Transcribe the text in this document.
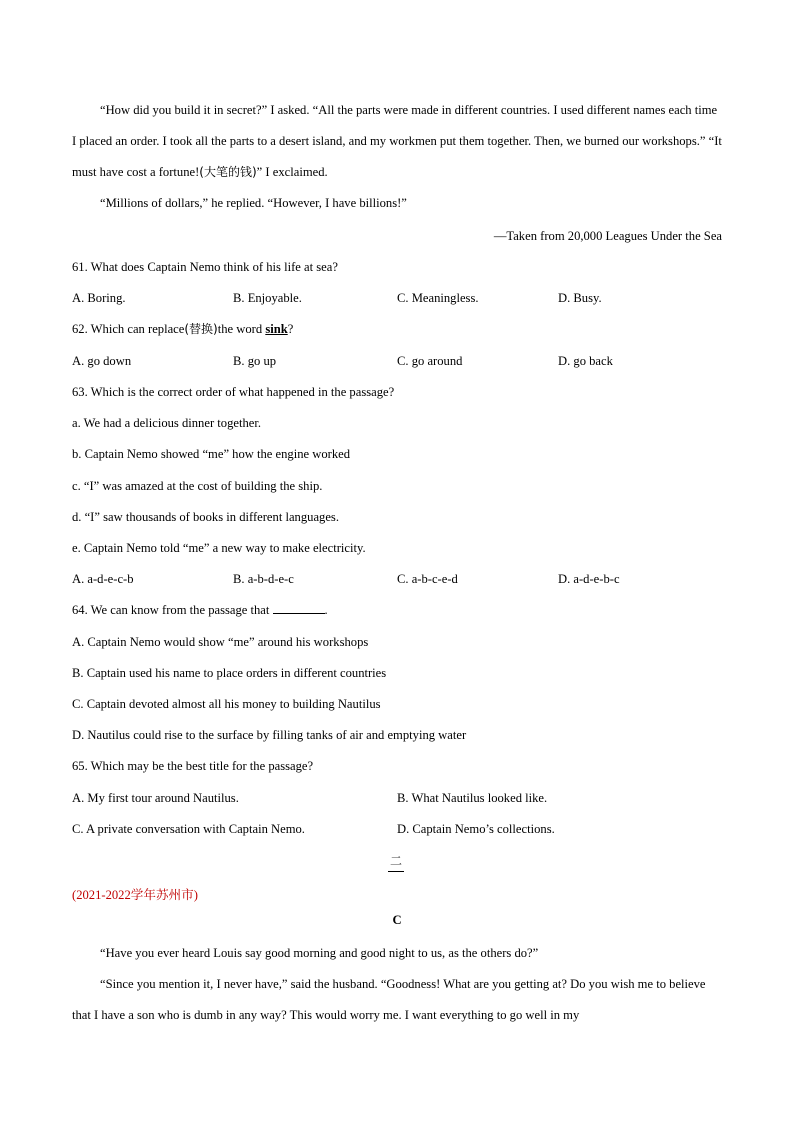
“How did you build it in secret?” I asked. “All the parts were made in different countries. I used different names each time I placed an order. I took all the parts to a desert island, and my workmen put them together. Then, we burned our workshops.” “It must have cost a fortune!(大笔的钱)” I exclaimed.

“Millions of dollars,” he replied. “However, I have billions!”

—Taken from 20,000 Leagues Under the Sea

61. What does Captain Nemo think of his life at sea?

A. Boring.	B. Enjoyable.	C. Meaningless.	D. Busy.

62. Which can replace(替换)the word sink?

A. go down	B. go up	C. go around	D. go back

63. Which is the correct order of what happened in the passage?

a. We had a delicious dinner together.

b. Captain Nemo showed “me” how the engine worked

c. “I” was amazed at the cost of building the ship.

d. “I” saw thousands of books in different languages.

e. Captain Nemo told “me” a new way to make electricity.

A. a-d-e-c-b	B. a-b-d-e-c	C. a-b-c-e-d	D. a-d-e-b-c

64. We can know from the passage that	.

A. Captain Nemo would show “me” around his workshops

B. Captain used his name to place orders in different countries

C. Captain devoted almost all his money to building Nautilus

D. Nautilus could rise to the surface by filling tanks of air and emptying water

65. Which may be the best title for the passage?

A. My first tour around Nautilus.	B. What Nautilus looked like.

C. A private conversation with Captain Nemo.	D. Captain Nemo’s collections.

二

(2021-2022学年苏州市)

C

“Have you ever heard Louis say good morning and good night to us, as the others do?”

“Since you mention it, I never have,” said the husband. “Goodness! What are you getting at? Do you wish me to believe that I have a son who is dumb in any way? This would worry me. I want everything to go well in my
